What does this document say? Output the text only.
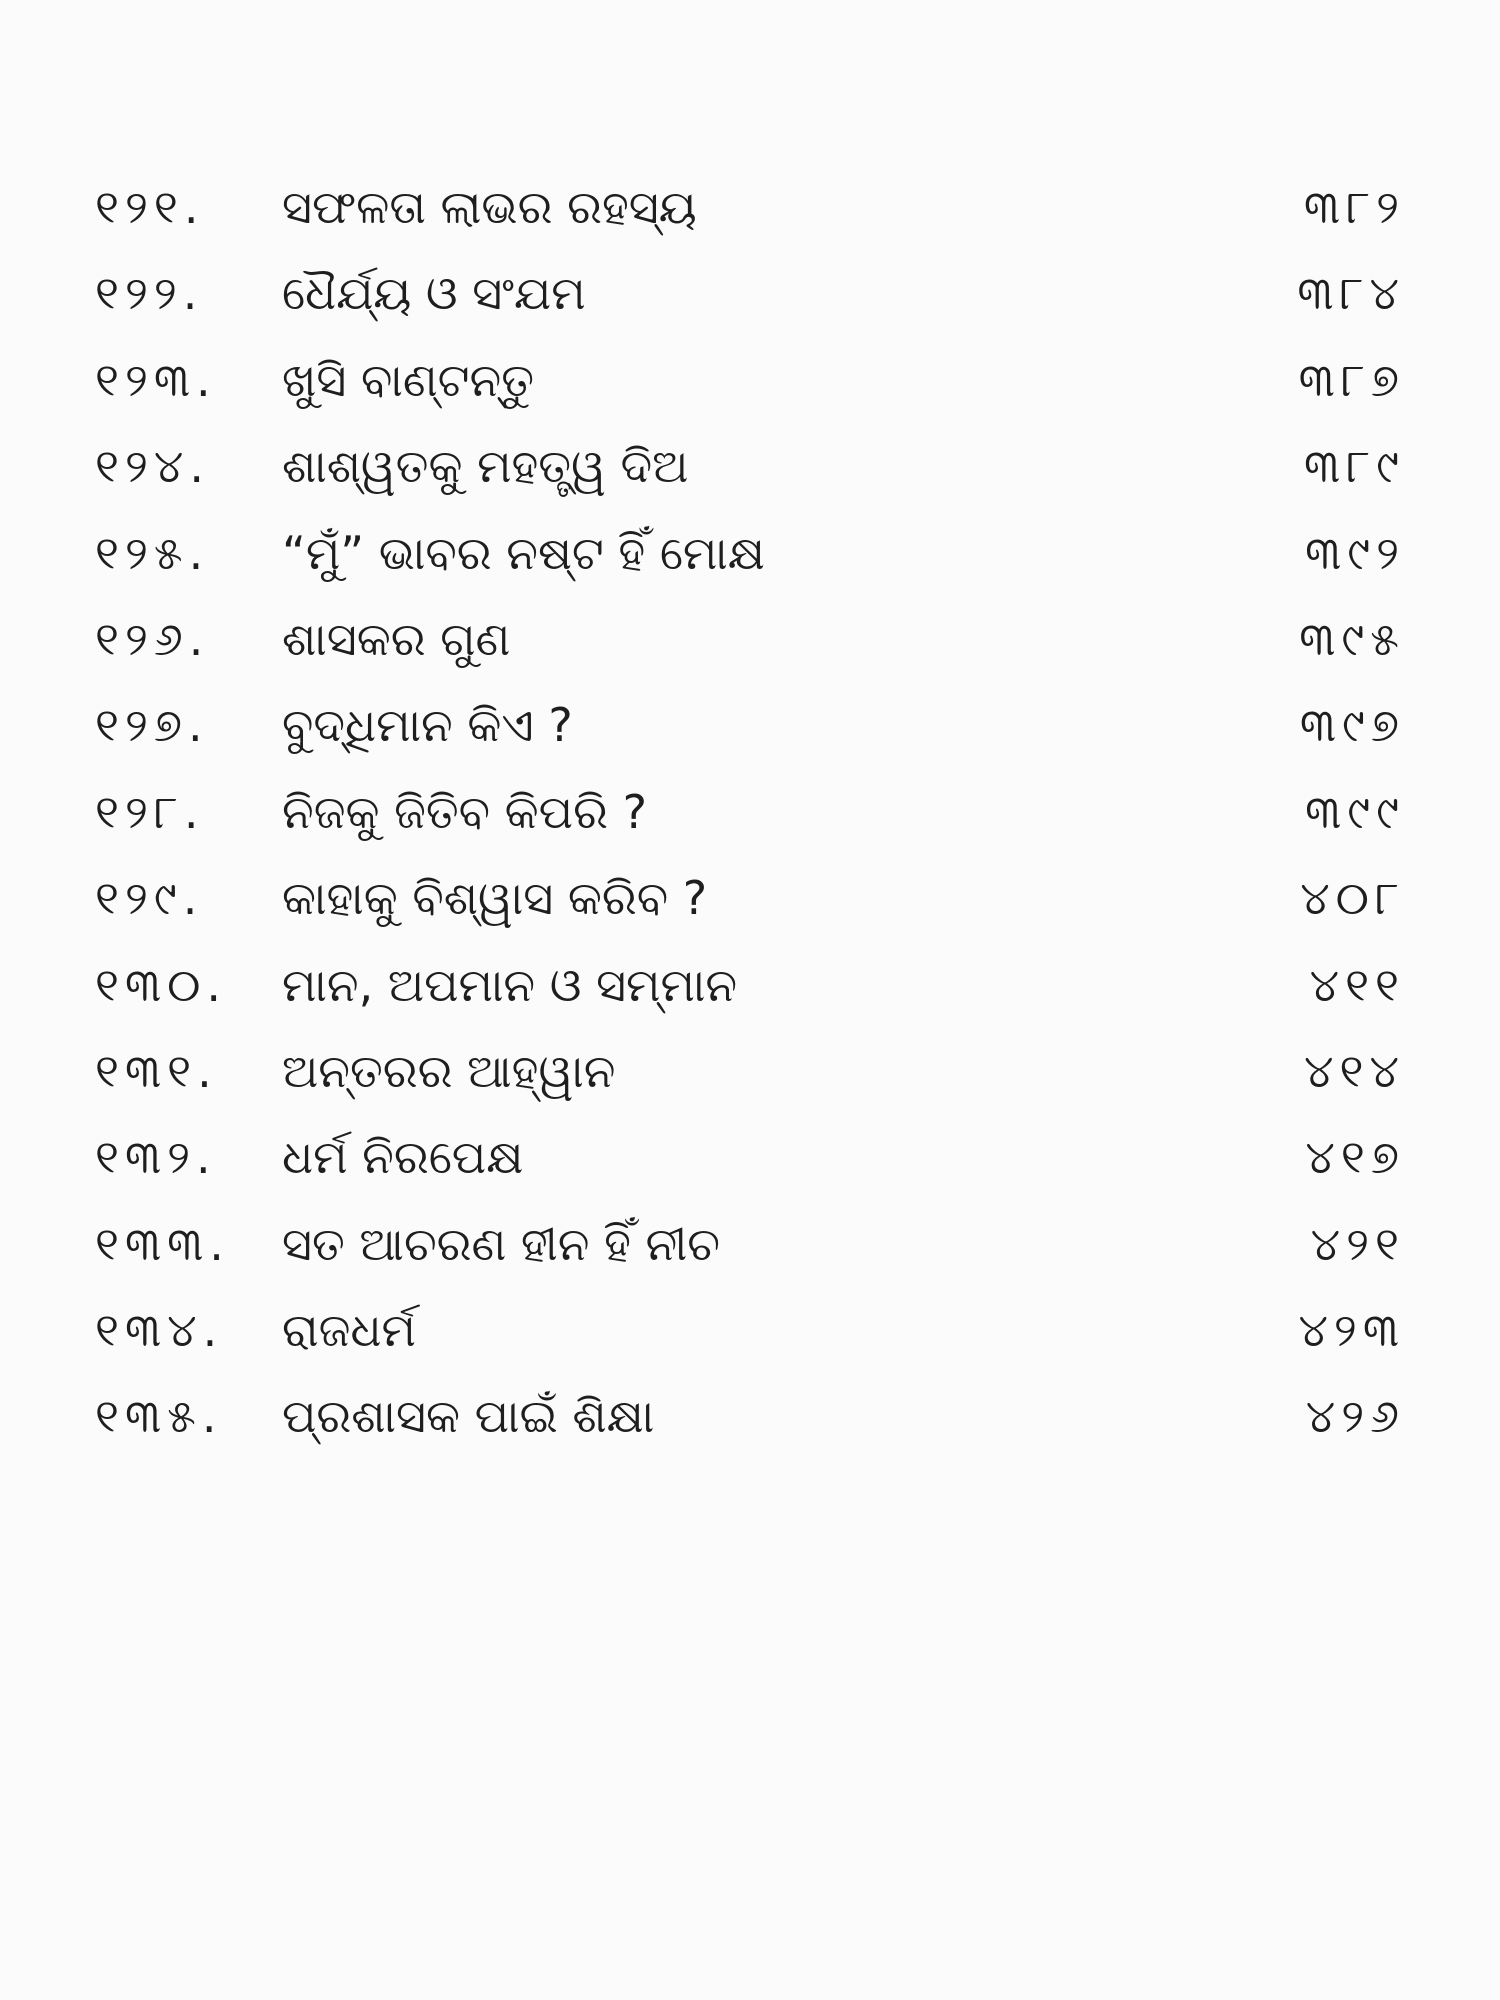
୧୨୧. ସଫଳତା ଲାଭର ରହସ୍ୟ	୩୮୨
୧୨୨. ଧୈର୍ଯ୍ୟ ଓ ସଂଯମ	୩୮୪
୧୨୩. ଖୁସି ବାଣ୍ଟନ୍ତୁ	୩୮୭
୧୨୪. ଶାଶ୍ୱତକୁ ମହତ୍ତ୍ୱ ଦିଅ	୩୮୯
୧୨୫. “ମୁଁ” ଭାବର ନଷ୍ଟ ହିଁ ମୋକ୍ଷ	୩୯୨
୧୨୬. ଶାସକର ଗୁଣ	୩୯୫
୧୨୭. ବୁଦ୍ଧିମାନ କିଏ ?	୩୯୭
୧୨୮. ନିଜକୁ ଜିତିବ କିପରି ?	୩୯୯
୧୨୯. କାହାକୁ ବିଶ୍ୱାସ କରିବ ?	୪୦୮
୧୩୦. ମାନ, ଅପମାନ ଓ ସମ୍ମାନ	୪୧୧
୧୩୧. ଅନ୍ତରର ଆହ୍ୱାନ	୪୧୪
୧୩୨. ଧର୍ମ ନିରପେକ୍ଷ	୪୧୭
୧୩୩. ସତ ଆଚରଣ ହୀନ ହିଁ ନୀଚ	୪୨୧
୧୩୪. ରାଜଧର୍ମ	୪୨୩
୧୩୫. ପ୍ରଶାସକ ପାଇଁ ଶିକ୍ଷା	୪୨୬
